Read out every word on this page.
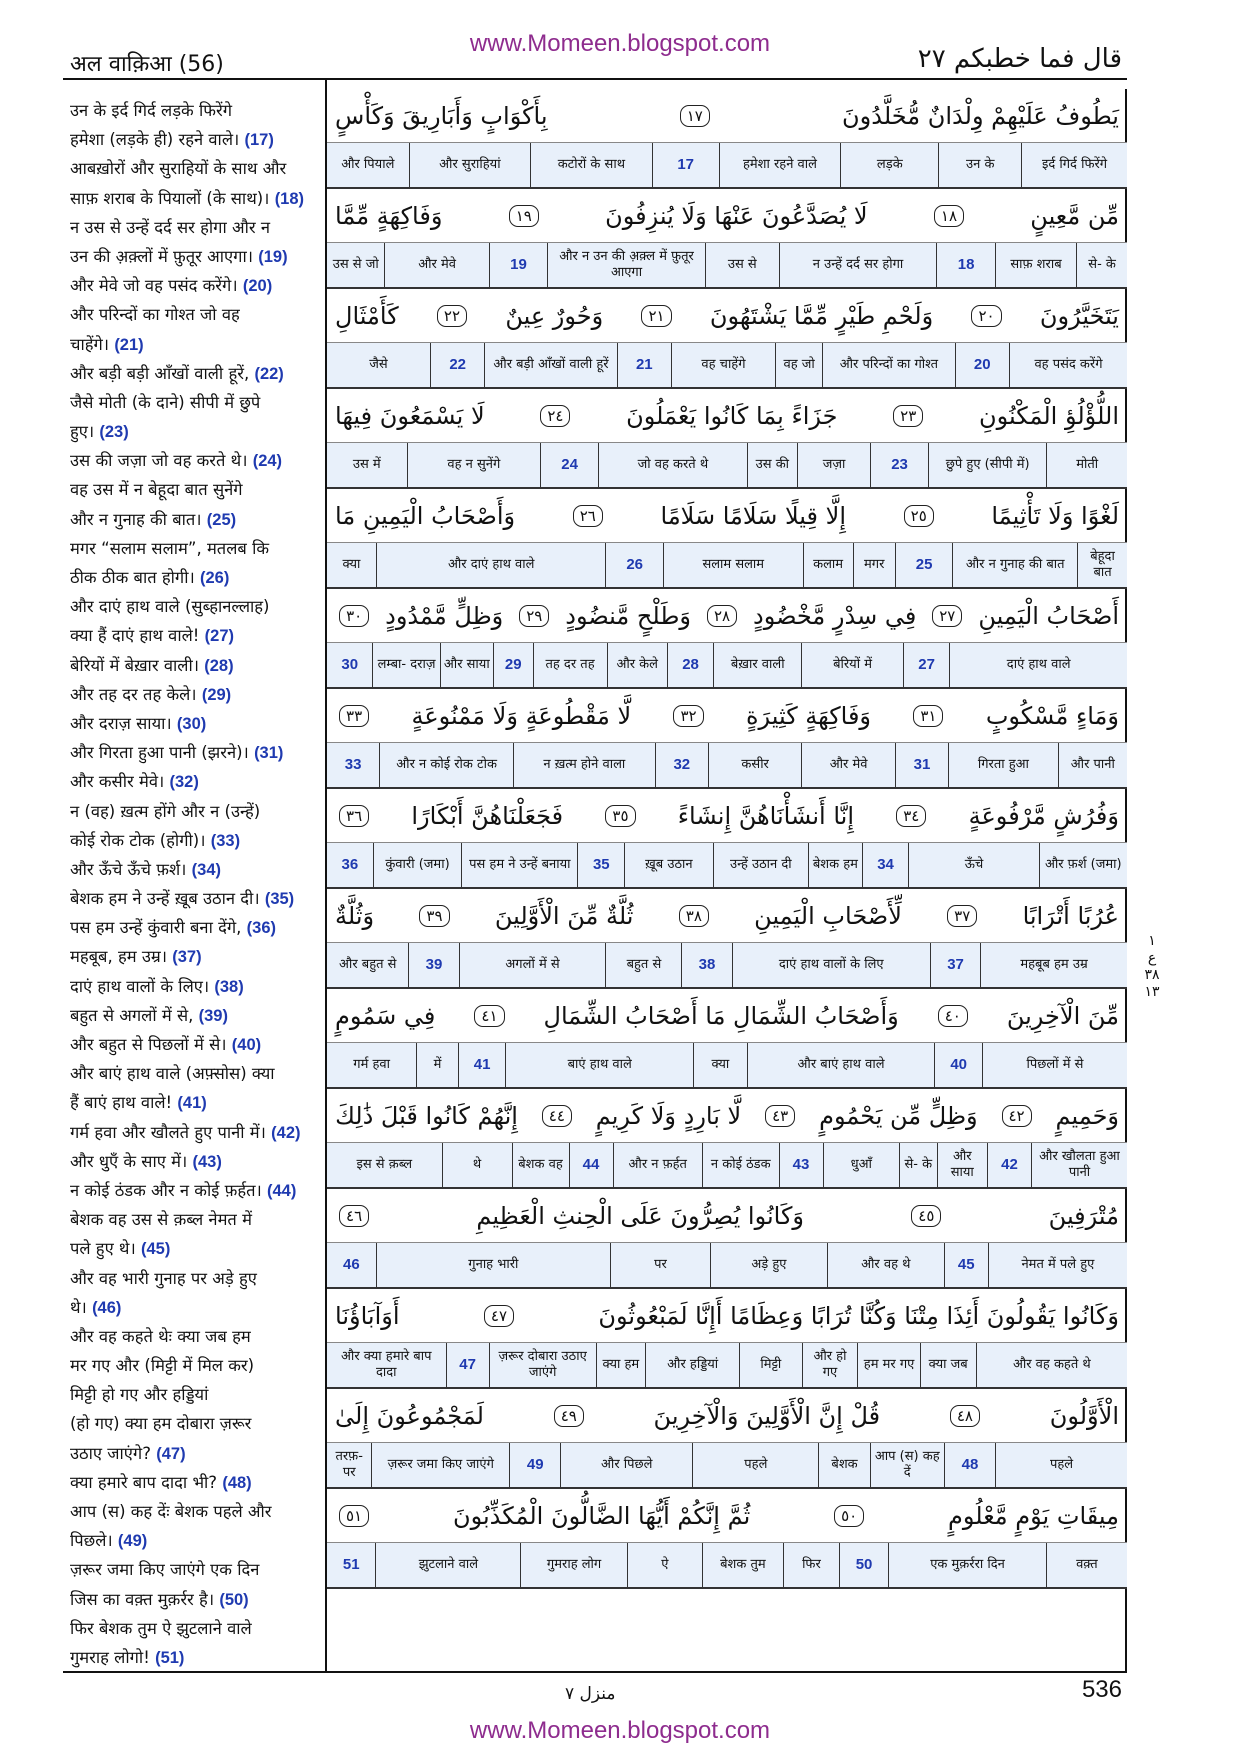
www.Momeen.blogspot.com
अल वाक़िआ (56)	قال فما خطبكم ٢٧
उन के इर्द गिर्द लड़के फिरेंगे
हमेशा (लड़के ही) रहने वाले। (17)
आबख़ोरों और सुराहियों के साथ और
साफ़ शराब के पियालों (के साथ)। (18)
न उस से उन्हें दर्द सर होगा और न
उन की अ़क़्लों में फ़ुतूर आएगा। (19)
और मेवे जो वह पसंद करेंगे। (20)
और परिन्दों का गोश्त जो वह
चाहेंगे। (21)
और बड़ी बड़ी आँखों वाली हूरें, (22)
जैसे मोती (के दाने) सीपी में छुपे
हुए। (23)
उस की जज़ा जो वह करते थे। (24)
वह उस में न बेहूदा बात सुनेंगे
और न गुनाह की बात। (25)
मगर “सलाम सलाम”, मतलब कि
ठीक ठीक बात होगी। (26)
और दाएं हाथ वाले (सुब्हानल्लाह)
क्या हैं दाएं हाथ वाले! (27)
बेरियों में बेख़ार वाली। (28)
और तह दर तह केले। (29)
और दराज़ साया। (30)
और गिरता हुआ पानी (झरने)। (31)
और कसीर मेवे। (32)
न (वह) ख़त्म होंगे और न (उन्हें)
कोई रोक टोक (होगी)। (33)
और ऊँचे ऊँचे फ़र्श। (34)
बेशक हम ने उन्हें ख़ूब उठान दी। (35)
पस हम उन्हें कुंवारी बना देंगे, (36)
महबूब, हम उम्र। (37)
दाएं हाथ वालों के लिए। (38)
बहुत से अगलों में से, (39)
और बहुत से पिछलों में से। (40)
और बाएं हाथ वाले (अफ़्सोस) क्या
हैं बाएं हाथ वाले! (41)
गर्म हवा और खौलते हुए पानी में। (42)
और धुएँ के साए में। (43)
न कोई ठंडक और न कोई फ़र्हत। (44)
बेशक वह उस से क़ब्ल नेमत में
पले हुए थे। (45)
और वह भारी गुनाह पर अड़े हुए
थे। (46)
और वह कहते थेः क्या जब हम
मर गए और (मिट्टी में मिल कर)
मिट्टी हो गए और हड्डियां
(हो गए) क्या हम दोबारा ज़रूर
उठाए जाएंगे? (47)
क्या हमारे बाप दादा भी? (48)
आप (स) कह देंः बेशक पहले और
पिछले। (49)
ज़रूर जमा किए जाएंगे एक दिन
जिस का वक़्त मुक़र्रर है। (50)
फिर बेशक तुम ऐ झुटलाने वाले
गुमराह लोगो! (51)
يَطُوفُ عَلَيْهِمْ وِلْدَانٌ مُّخَلَّدُونَ
١٧
بِأَكْوَابٍ وَأَبَارِيقَ وَكَأْسٍ
इर्द गिर्द फिरेंगे
उन के
लड़के
हमेशा रहने वाले
17
कटोरों के साथ
और सुराहियां
और पियाले
مِّن مَّعِينٍ
١٨
لَا يُصَدَّعُونَ عَنْهَا وَلَا يُنزِفُونَ
١٩
وَفَاكِهَةٍ مِّمَّا
से- के
साफ़ शराब
18
न उन्हें दर्द सर होगा
उस से
और न उन की अ़क़्ल में फ़ुतूर आएगा
19
और मेवे
उस से जो
يَتَخَيَّرُونَ
٢٠
وَلَحْمِ طَيْرٍ مِّمَّا يَشْتَهُونَ
٢١
وَحُورٌ عِينٌ
٢٢
كَأَمْثَالِ
वह पसंद करेंगे
20
और परिन्दों का गोश्त
वह जो
वह चाहेंगे
21
और बड़ी आँखों वाली हूरें
22
जैसे
اللُّؤْلُؤِ الْمَكْنُونِ
٢٣
جَزَاءً بِمَا كَانُوا يَعْمَلُونَ
٢٤
لَا يَسْمَعُونَ فِيهَا
मोती
(सीपी में) छुपे हुए
23
जज़ा
उस की
जो वह करते थे
24
वह न सुनेंगे
उस में
لَغْوًا وَلَا تَأْثِيمًا
٢٥
إِلَّا قِيلًا سَلَامًا سَلَامًا
٢٦
وَأَصْحَابُ الْيَمِينِ مَا
बेहूदा बात
और न गुनाह की बात
25
मगर
कलाम
सलाम सलाम
26
और दाएं हाथ वाले
क्या
أَصْحَابُ الْيَمِينِ
٢٧
فِي سِدْرٍ مَّخْضُودٍ
٢٨
وَطَلْحٍ مَّنضُودٍ
٢٩
وَظِلٍّ مَّمْدُودٍ
٣٠
दाएं हाथ वाले
27
बेरियों में
बेख़ार वाली
28
और केले
तह दर तह
29
और साया
लम्बा- दराज़
30
وَمَاءٍ مَّسْكُوبٍ
٣١
وَفَاكِهَةٍ كَثِيرَةٍ
٣٢
لَّا مَقْطُوعَةٍ وَلَا مَمْنُوعَةٍ
٣٣
और पानी
गिरता हुआ
31
और मेवे
कसीर
32
न ख़त्म होने वाला
और न कोई रोक टोक
33
وَفُرُشٍ مَّرْفُوعَةٍ
٣٤
إِنَّا أَنشَأْنَاهُنَّ إِنشَاءً
٣٥
فَجَعَلْنَاهُنَّ أَبْكَارًا
٣٦
और फ़र्श (जमा)
ऊँचे
34
बेशक हम
उन्हें उठान दी
ख़ूब उठान
35
पस हम ने उन्हें बनाया
कुंवारी (जमा)
36
عُرُبًا أَتْرَابًا
٣٧
لِّأَصْحَابِ الْيَمِينِ
٣٨
ثُلَّةٌ مِّنَ الْأَوَّلِينَ
٣٩
وَثُلَّةٌ
महबूब हम उम्र
37
दाएं हाथ वालों के लिए
38
बहुत से
अगलों में से
39
और बहुत से
مِّنَ الْآخِرِينَ
٤٠
وَأَصْحَابُ الشِّمَالِ مَا أَصْحَابُ الشِّمَالِ
٤١
فِي سَمُومٍ
पिछलों में से
40
और बाएं हाथ वाले
क्या
बाएं हाथ वाले
41
में
गर्म हवा
وَحَمِيمٍ
٤٢
وَظِلٍّ مِّن يَحْمُومٍ
٤٣
لَّا بَارِدٍ وَلَا كَرِيمٍ
٤٤
إِنَّهُمْ كَانُوا قَبْلَ ذَٰلِكَ
और खौलता हुआ पानी
42
और साया
से- के
धुआँ
43
न कोई ठंडक
और न फ़र्हत
44
बेशक वह
थे
इस से क़ब्ल
مُتْرَفِينَ
٤٥
وَكَانُوا يُصِرُّونَ عَلَى الْحِنثِ الْعَظِيمِ
٤٦
नेमत में पले हुए
45
और वह थे
अड़े हुए
पर
गुनाह भारी
46
وَكَانُوا يَقُولُونَ أَئِذَا مِتْنَا وَكُنَّا تُرَابًا وَعِظَامًا أَإِنَّا لَمَبْعُوثُونَ
٤٧
أَوَآبَاؤُنَا
और वह कहते थे
क्या जब
हम मर गए
और हो गए
मिट्टी
और हड्डियां
क्या हम
ज़रूर दोबारा उठाए जाएंगे
47
और क्या हमारे बाप दादा
الْأَوَّلُونَ
٤٨
قُلْ إِنَّ الْأَوَّلِينَ وَالْآخِرِينَ
٤٩
لَمَجْمُوعُونَ إِلَىٰ
पहले
48
आप (स) कह दें
बेशक
पहले
और पिछले
49
ज़रूर जमा किए जाएंगे
तरफ़- पर
مِيقَاتِ يَوْمٍ مَّعْلُومٍ
٥٠
ثُمَّ إِنَّكُمْ أَيُّهَا الضَّالُّونَ الْمُكَذِّبُونَ
٥١
वक़्त
एक मुक़र्ररा दिन
50
फिर
बेशक तुम
ऐ
गुमराह लोग
झुटलाने वाले
51
١
ع
٣٨
١٣
منزل ٧	536
www.Momeen.blogspot.com
